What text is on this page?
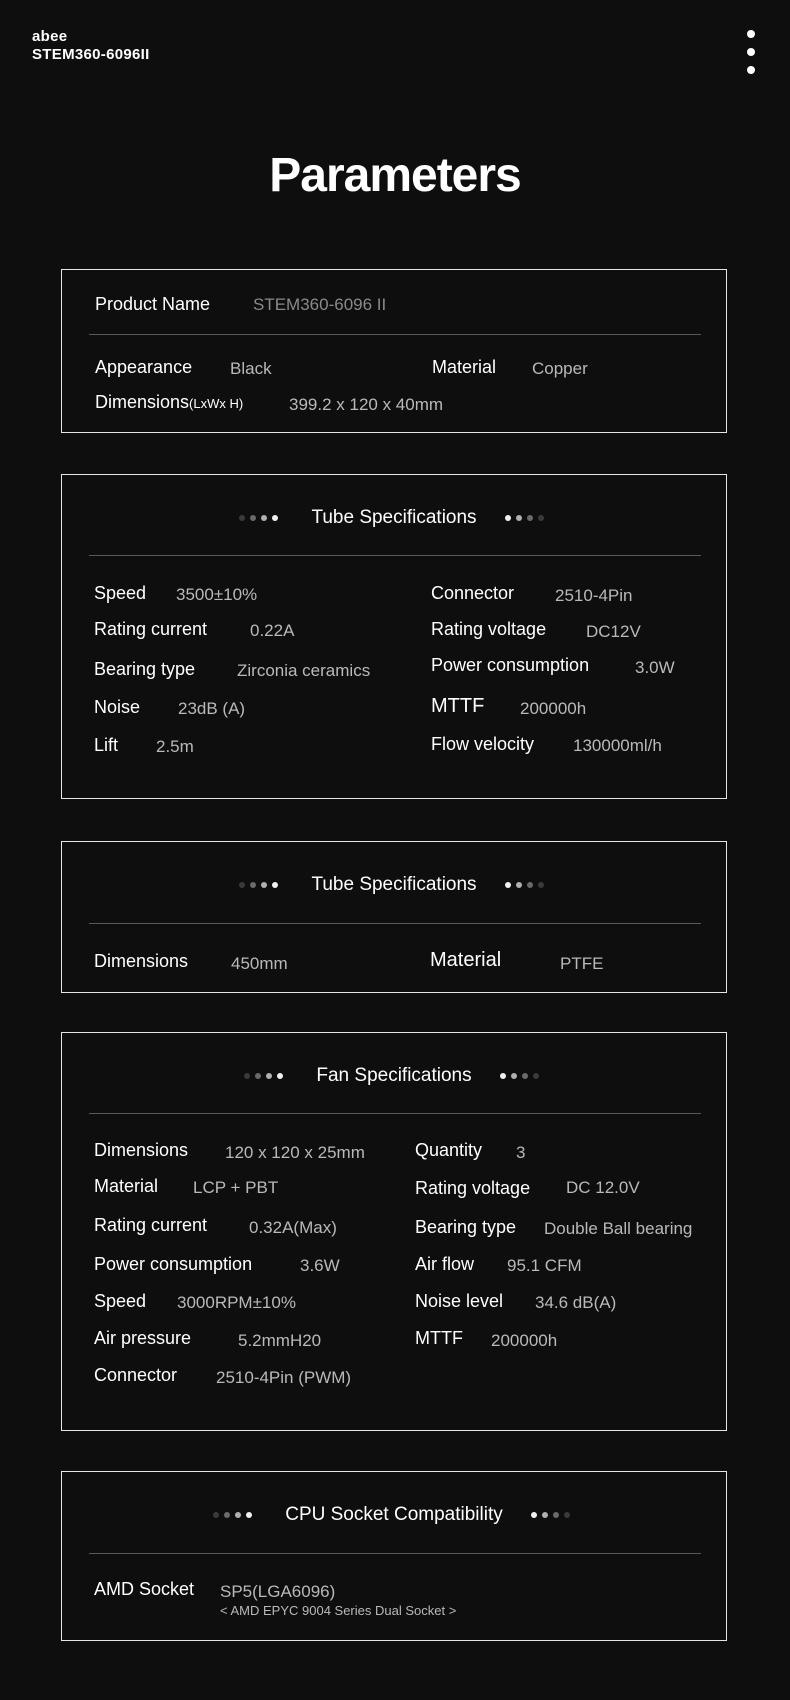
abee
STEM360-6096II
Parameters
Product Name	STEM360-6096 II
Appearance Black	Material Copper
Dimensions(LxWx H)	399.2 x 120 x 40mm
Tube Specifications
Speed 3500±10%	Connector 2510-4Pin
Rating current	0.22A	Rating voltage DC12V
Bearing type Zirconia ceramics	Power consumption	3.0W
Noise 23dB (A)	MTTF 200000h
Lift 2.5m	Flow velocity 130000ml/h
Tube Specifications
Dimensions	450mm	Material	PTFE
Fan Specifications
Dimensions 120 x 120 x 25mm	Quantity 3
Material LCP + PBT	Rating voltage DC 12.0V
Rating current 0.32A(Max)	Bearing type Double Ball bearing
Power consumption	3.6W	Air flow 95.1 CFM
Speed 3000RPM±10%	Noise level 34.6 dB(A)
Air pressure	5.2mmH20	MTTF 200000h
Connector 2510-4Pin (PWM)
CPU Socket Compatibility
AMD Socket SP5(LGA6096)
< AMD EPYC 9004 Series Dual Socket >
